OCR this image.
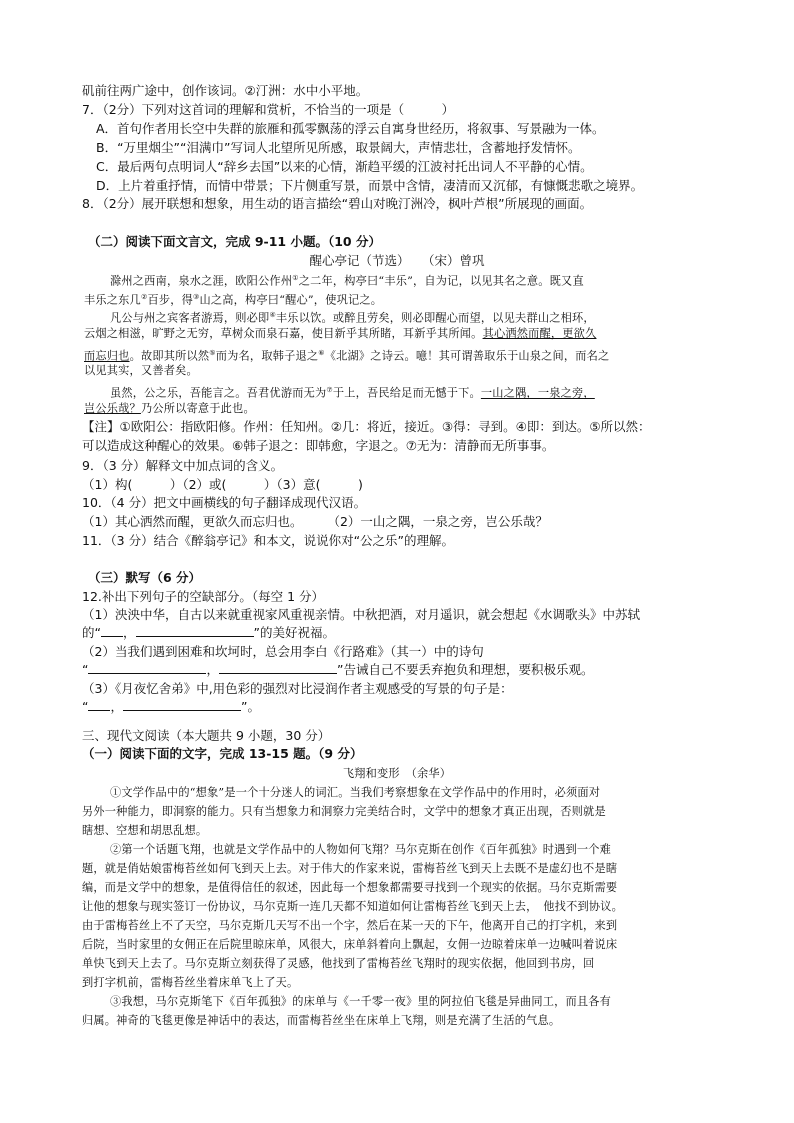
矶前往两广途中，创作该词。②汀洲：水中小平地。
7．（2分）下列对这首词的理解和赏析，不恰当的一项是（　　　）
A．首句作者用长空中失群的旅雁和孤零飘荡的浮云自寓身世经历，将叙事、写景融为一体。
B．“万里烟尘”“泪满巾”写词人北望所见所感，取景阔大，声情悲壮，含蓄地抒发情怀。
C．最后两句点明词人“辞乡去国”以来的心情，渐趋平缓的江波衬托出词人不平静的心情。
D．上片着重抒情，而情中带景；下片侧重写景，而景中含情，凄清而又沉郁，有慷慨悲歌之境界。
8．（2分）展开联想和想象，用生动的语言描绘“碧山对晚汀洲冷，枫叶芦根”所展现的画面。
（二）阅读下面文言文，完成 9-11 小题。（10 分）
醒心亭记（节选）　　（宋）曾巩
滁州之西南，泉水之涯，欧阳公作州①之二年，构亭曰“丰乐”，自为记，以见其名之意。既又直
丰乐之东几②百步，得③山之高，构亭曰“醒心”，使巩记之。
凡公与州之宾客者游焉，则必即④丰乐以饮。或醉且劳矣，则必即醒心而望，以见夫群山之相环，
云烟之相滋，旷野之无穷，草树众而泉石嘉，使目新乎其所睹，耳新乎其所闻。其心洒然而醒，更欲久
而忘归也。故即其所以然⑤而为名，取韩子退之⑥《北湖》之诗云。噫！其可谓善取乐于山泉之间，而名之
以见其实，又善者矣。
虽然，公之乐，吾能言之。吾君优游而无为⑦于上，吾民给足而无憾于下。一山之隅，一泉之旁，
岂公乐哉？乃公所以寄意于此也。
【注】①欧阳公：指欧阳修。作州：任知州。②几：将近，接近。③得：寻到。④即：到达。⑤所以然：
可以造成这种醒心的效果。⑥韩子退之：即韩愈，字退之。⑦无为：清静而无所事事。
9．（3 分）解释文中加点词的含义。
（1）构(　　　）（2）或(　　　）（3）意(　　　)
10．（4 分）把文中画横线的句子翻译成现代汉语。
（1）其心洒然而醒，更欲久而忘归也。　　　（2）一山之隅，一泉之旁，岂公乐哉？
11．（3 分）结合《醉翁亭记》和本文，说说你对“公之乐”的理解。
（三）默写（6 分）
12.补出下列句子的空缺部分。（每空 1 分）
（1）泱泱中华，自古以来就重视家风重视亲情。中秋把酒，对月遥识，就会想起《水调歌头》中苏轼
的“ ，	”的美好祝福。
（2）当我们遇到困难和坎坷时，总会用李白《行路难》（其一）中的诗句
“	，	”告诫自己不要丢弃抱负和理想，要积极乐观。
（3）《月夜忆舍弟》中,用色彩的强烈对比浸润作者主观感受的写景的句子是：
“ ，	”。
三、现代文阅读（本大题共 9 小题，30 分）
（一）阅读下面的文字，完成 13-15 题。（9 分）
飞翔和变形　（余华）
①文学作品中的“想象”是一个十分迷人的词汇。当我们考察想象在文学作品中的作用时，必须面对
另外一种能力，即洞察的能力。只有当想象力和洞察力完美结合时，文学中的想象才真正出现，否则就是
瞎想、空想和胡思乱想。
②第一个话题飞翔，也就是文学作品中的人物如何飞翔？马尔克斯在创作《百年孤独》时遇到一个难
题，就是俏姑娘雷梅苔丝如何飞到天上去。对于伟大的作家来说，雷梅苔丝飞到天上去既不是虚幻也不是瞎
编，而是文学中的想象，是值得信任的叙述，因此每一个想象都需要寻找到一个现实的依据。马尔克斯需要
让他的想象与现实签订一份协议，马尔克斯一连几天都不知道如何让雷梅苔丝飞到天上去，　他找不到协议。
由于雷梅苔丝上不了天空，马尔克斯几天写不出一个字，然后在某一天的下午，他离开自己的打字机，来到
后院，当时家里的女佣正在后院里晾床单，风很大，床单斜着向上飘起，女佣一边晾着床单一边喊叫着说床
单快飞到天上去了。马尔克斯立刻获得了灵感，他找到了雷梅苔丝飞翔时的现实依据，他回到书房，回
到打字机前，雷梅苔丝坐着床单飞上了天。
③我想，马尔克斯笔下《百年孤独》的床单与《一千零一夜》里的阿拉伯飞毯是异曲同工，而且各有
归属。神奇的飞毯更像是神话中的表达，而雷梅苔丝坐在床单上飞翔，则是充满了生活的气息。
